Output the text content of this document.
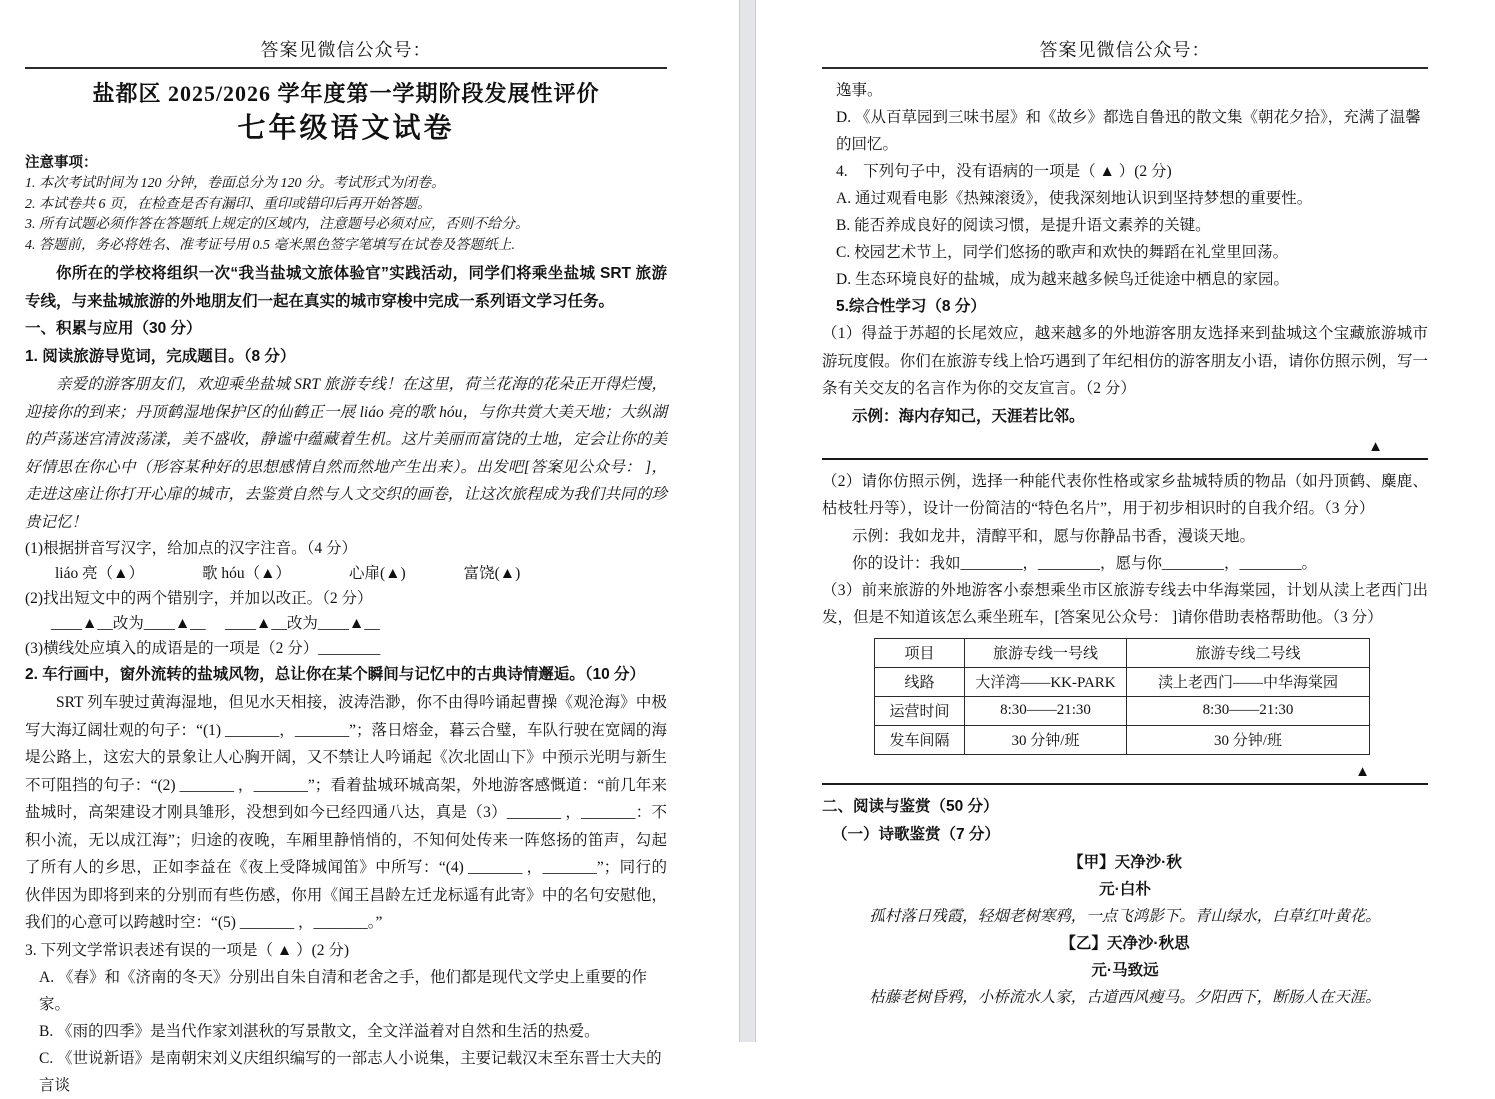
答案见微信公众号：
盐都区 2025/2026 学年度第一学期阶段发展性评价
七年级语文试卷
注意事项：
1. 本次考试时间为 120 分钟，卷面总分为 120 分。考试形式为闭卷。
2. 本试卷共 6 页，在检查是否有漏印、重印或错印后再开始答题。
3. 所有试题必须作答在答题纸上规定的区域内，注意题号必须对应，否则不给分。
4. 答题前，务必将姓名、准考证号用 0.5 毫米黑色签字笔填写在试卷及答题纸上.
你所在的学校将组织一次“我当盐城文旅体验官”实践活动，同学们将乘坐盐城 SRT 旅游专线，与来盐城旅游的外地朋友们一起在真实的城市穿梭中完成一系列语文学习任务。
一、积累与应用（30 分）
1. 阅读旅游导览词，完成题目。（8 分）
亲爱的游客朋友们，欢迎乘坐盐城 SRT 旅游专线！在这里，荷兰花海的花朵正开得烂慢，迎接你的到来；丹顶鹤湿地保护区的仙鹤正一展 liáo 亮的歌 hóu，与你共赏大美天地；大纵湖的芦荡迷宫清波荡漾，美不盛收，静谧中蕴藏着生机。这片美丽而富饶的土地，定会让你的美好情思在你心中（形容某种好的思想感情自然而然地产生出来）。出发吧[答案见公众号： ]，走进这座让你打开心扉的城市，去鉴赏自然与人文交织的画卷，让这次旅程成为我们共同的珍贵记忆！
(1)根据拼音写汉字，给加点的汉字注音。（4 分）
liáo 亮（▲）	歌 hóu（▲）	心扉(▲)	富饶(▲)
(2)找出短文中的两个错别字，并加以改正。（2 分）
____▲__改为____▲__　 ____▲__改为____▲__
(3)横线处应填入的成语是的一项是（2 分）________
2. 车行画中，窗外流转的盐城风物，总让你在某个瞬间与记忆中的古典诗情邂逅。（10 分）
SRT 列车驶过黄海湿地，但见水天相接，波涛浩渺，你不由得吟诵起曹操《观沧海》中极写大海辽阔壮观的句子：“(1) _______，_______”；落日熔金，暮云合璧，车队行驶在宽阔的海堤公路上，这宏大的景象让人心胸开阔，又不禁让人吟诵起《次北固山下》中预示光明与新生不可阻挡的句子：“(2) _______ ，_______”；看着盐城环城高架，外地游客感慨道：“前几年来盐城时，高架建设才刚具雏形，没想到如今已经四通八达，真是（3）_______ ，_______：不积小流，无以成江海”；归途的夜晚，车厢里静悄悄的，不知何处传来一阵悠扬的笛声，勾起了所有人的乡思，正如李益在《夜上受降城闻笛》中所写：“(4) _______ ，_______”；同行的伙伴因为即将到来的分别而有些伤感，你用《闻王昌龄左迁龙标遥有此寄》中的名句安慰他，我们的心意可以跨越时空：“(5) _______ ，_______。”
3. 下列文学常识表述有误的一项是（ ▲ ）(2 分)
A. 《春》和《济南的冬天》分别出自朱自清和老舍之手，他们都是现代文学史上重要的作家。
B. 《雨的四季》是当代作家刘湛秋的写景散文，全文洋溢着对自然和生活的热爱。
C. 《世说新语》是南朝宋刘义庆组织编写的一部志人小说集，主要记载汉末至东晋士大夫的言谈
答案见微信公众号：
逸事。
D. 《从百草园到三味书屋》和《故乡》都选自鲁迅的散文集《朝花夕拾》，充满了温馨的回忆。
4.　下列句子中，没有语病的一项是（ ▲ ）(2 分)
A. 通过观看电影《热辣滚烫》，使我深刻地认识到坚持梦想的重要性。
B. 能否养成良好的阅读习惯，是提升语文素养的关键。
C. 校园艺术节上，同学们悠扬的歌声和欢快的舞蹈在礼堂里回荡。
D. 生态环境良好的盐城，成为越来越多候鸟迁徙途中栖息的家园。
5.综合性学习（8 分）
（1）得益于苏超的长尾效应，越来越多的外地游客朋友选择来到盐城这个宝藏旅游城市游玩度假。你们在旅游专线上恰巧遇到了年纪相仿的游客朋友小语，请你仿照示例，写一条有关交友的名言作为你的交友宣言。（2 分）
示例：海内存知己，天涯若比邻。
▲
（2）请你仿照示例，选择一种能代表你性格或家乡盐城特质的物品（如丹顶鹤、麋鹿、枯枝牡丹等），设计一份简洁的“特色名片”，用于初步相识时的自我介绍。（3 分）
示例：我如龙井，清醇平和，愿与你静品书香，漫谈天地。
你的设计：我如________，________，愿与你________，________。
（3）前来旅游的外地游客小泰想乘坐市区旅游专线去中华海棠园，计划从渎上老西门出发，但是不知道该怎么乘坐班车，[答案见公众号： ]请你借助表格帮助他。（3 分）
项目	旅游专线一号线	旅游专线二号线
线路	大洋湾——KK-PARK	渎上老西门——中华海棠园
运营时间	8:30——21:30	8:30——21:30
发车间隔	30 分钟/班	30 分钟/班
▲
二、阅读与鉴赏（50 分）
（一）诗歌鉴赏（7 分）
【甲】天净沙·秋
元·白朴
孤村落日残霞，轻烟老树寒鸦，一点飞鸿影下。青山绿水，白草红叶黄花。
【乙】天净沙·秋思
元·马致远
枯藤老树昏鸦，小桥流水人家，古道西风瘦马。夕阳西下，断肠人在天涯。
